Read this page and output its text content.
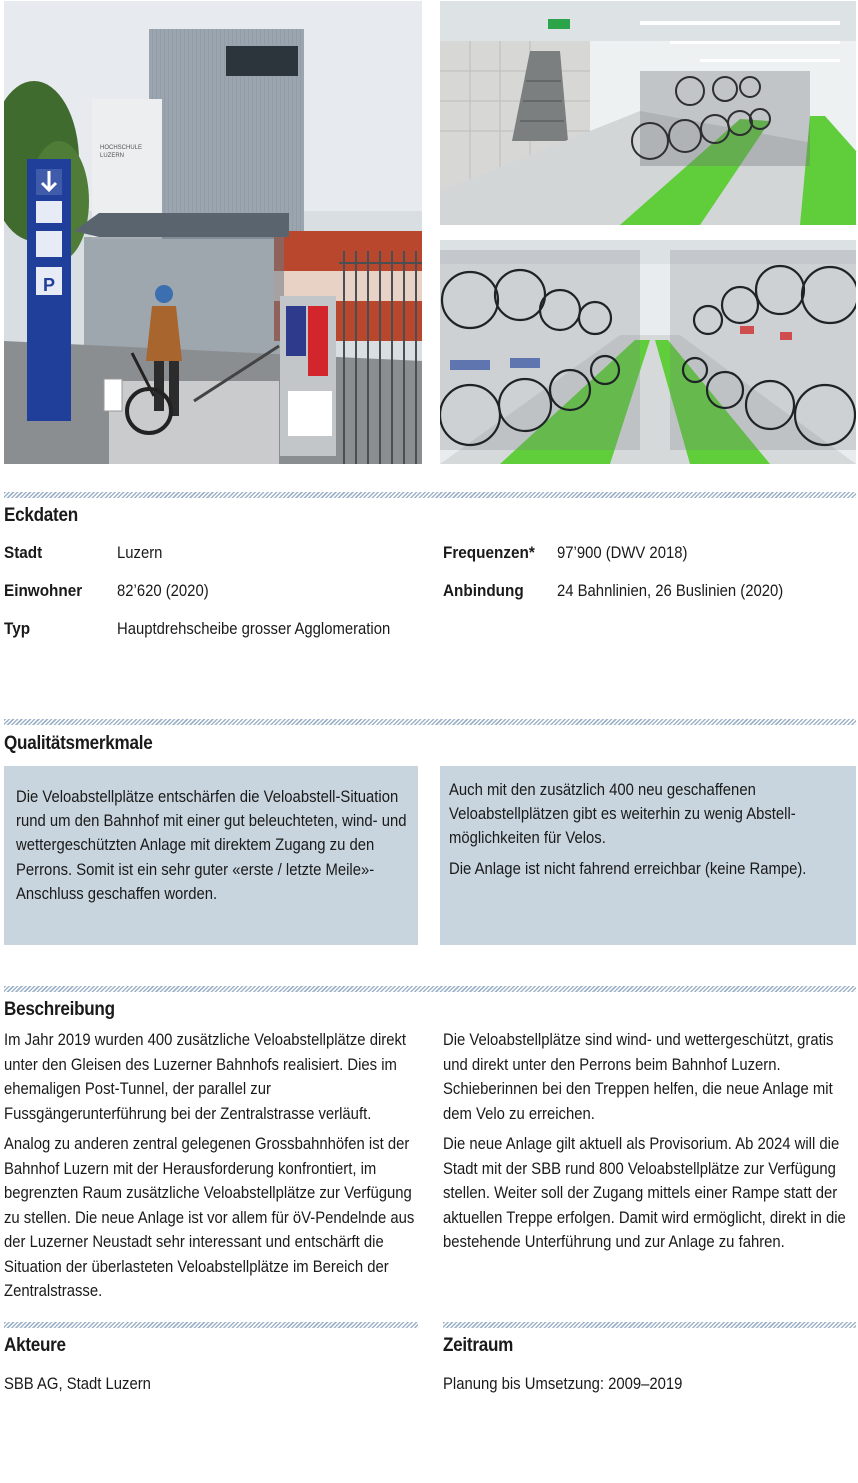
HOCHSCHULE
LUZERN
P
Eckdaten
Stadt	Luzern
Einwohner 82’620 (2020)
Typ	Hauptdrehscheibe grosser Agglomeration
Frequenzen* 97’900 (DWV 2018)
Anbindung 24 Bahnlinien, 26 Buslinien (2020)
Qualitätsmerkmale
Die Veloabstellplätze entschärfen die Veloabstell-Situation rund um den Bahnhof mit einer gut beleuchteten, wind- und wettergeschützten Anlage mit direktem Zugang zu den Perrons. Somit ist ein sehr guter «erste / letzte Meile»-Anschluss geschaffen worden.
Auch mit den zusätzlich 400 neu geschaffenen Veloabstellplätzen gibt es weiterhin zu wenig Abstellmöglichkeiten für Velos.
Die Anlage ist nicht fahrend erreichbar (keine Rampe).
Beschreibung
Im Jahr 2019 wurden 400 zusätzliche Veloabstellplätze direkt unter den Gleisen des Luzerner Bahnhofs realisiert. Dies im ehemaligen Post-Tunnel, der parallel zur Fussgängerunterführung bei der Zentralstrasse verläuft.
Analog zu anderen zentral gelegenen Grossbahnhöfen ist der Bahnhof Luzern mit der Herausforderung konfrontiert, im begrenzten Raum zusätzliche Veloabstellplätze zur Verfügung zu stellen. Die neue Anlage ist vor allem für öV-Pendelnde aus der Luzerner Neustadt sehr interessant und entschärft die Situation der überlasteten Veloabstellplätze im Bereich der Zentralstrasse.
Die Veloabstellplätze sind wind- und wettergeschützt, gratis und direkt unter den Perrons beim Bahnhof Luzern. Schieberinnen bei den Treppen helfen, die neue Anlage mit dem Velo zu erreichen.
Die neue Anlage gilt aktuell als Provisorium. Ab 2024 will die Stadt mit der SBB rund 800 Veloabstellplätze zur Verfügung stellen. Weiter soll der Zugang mittels einer Rampe statt der aktuellen Treppe erfolgen. Damit wird ermöglicht, direkt in die bestehende Unterführung und zur Anlage zu fahren.
Akteure
SBB AG, Stadt Luzern
Zeitraum
Planung bis Umsetzung: 2009–2019
